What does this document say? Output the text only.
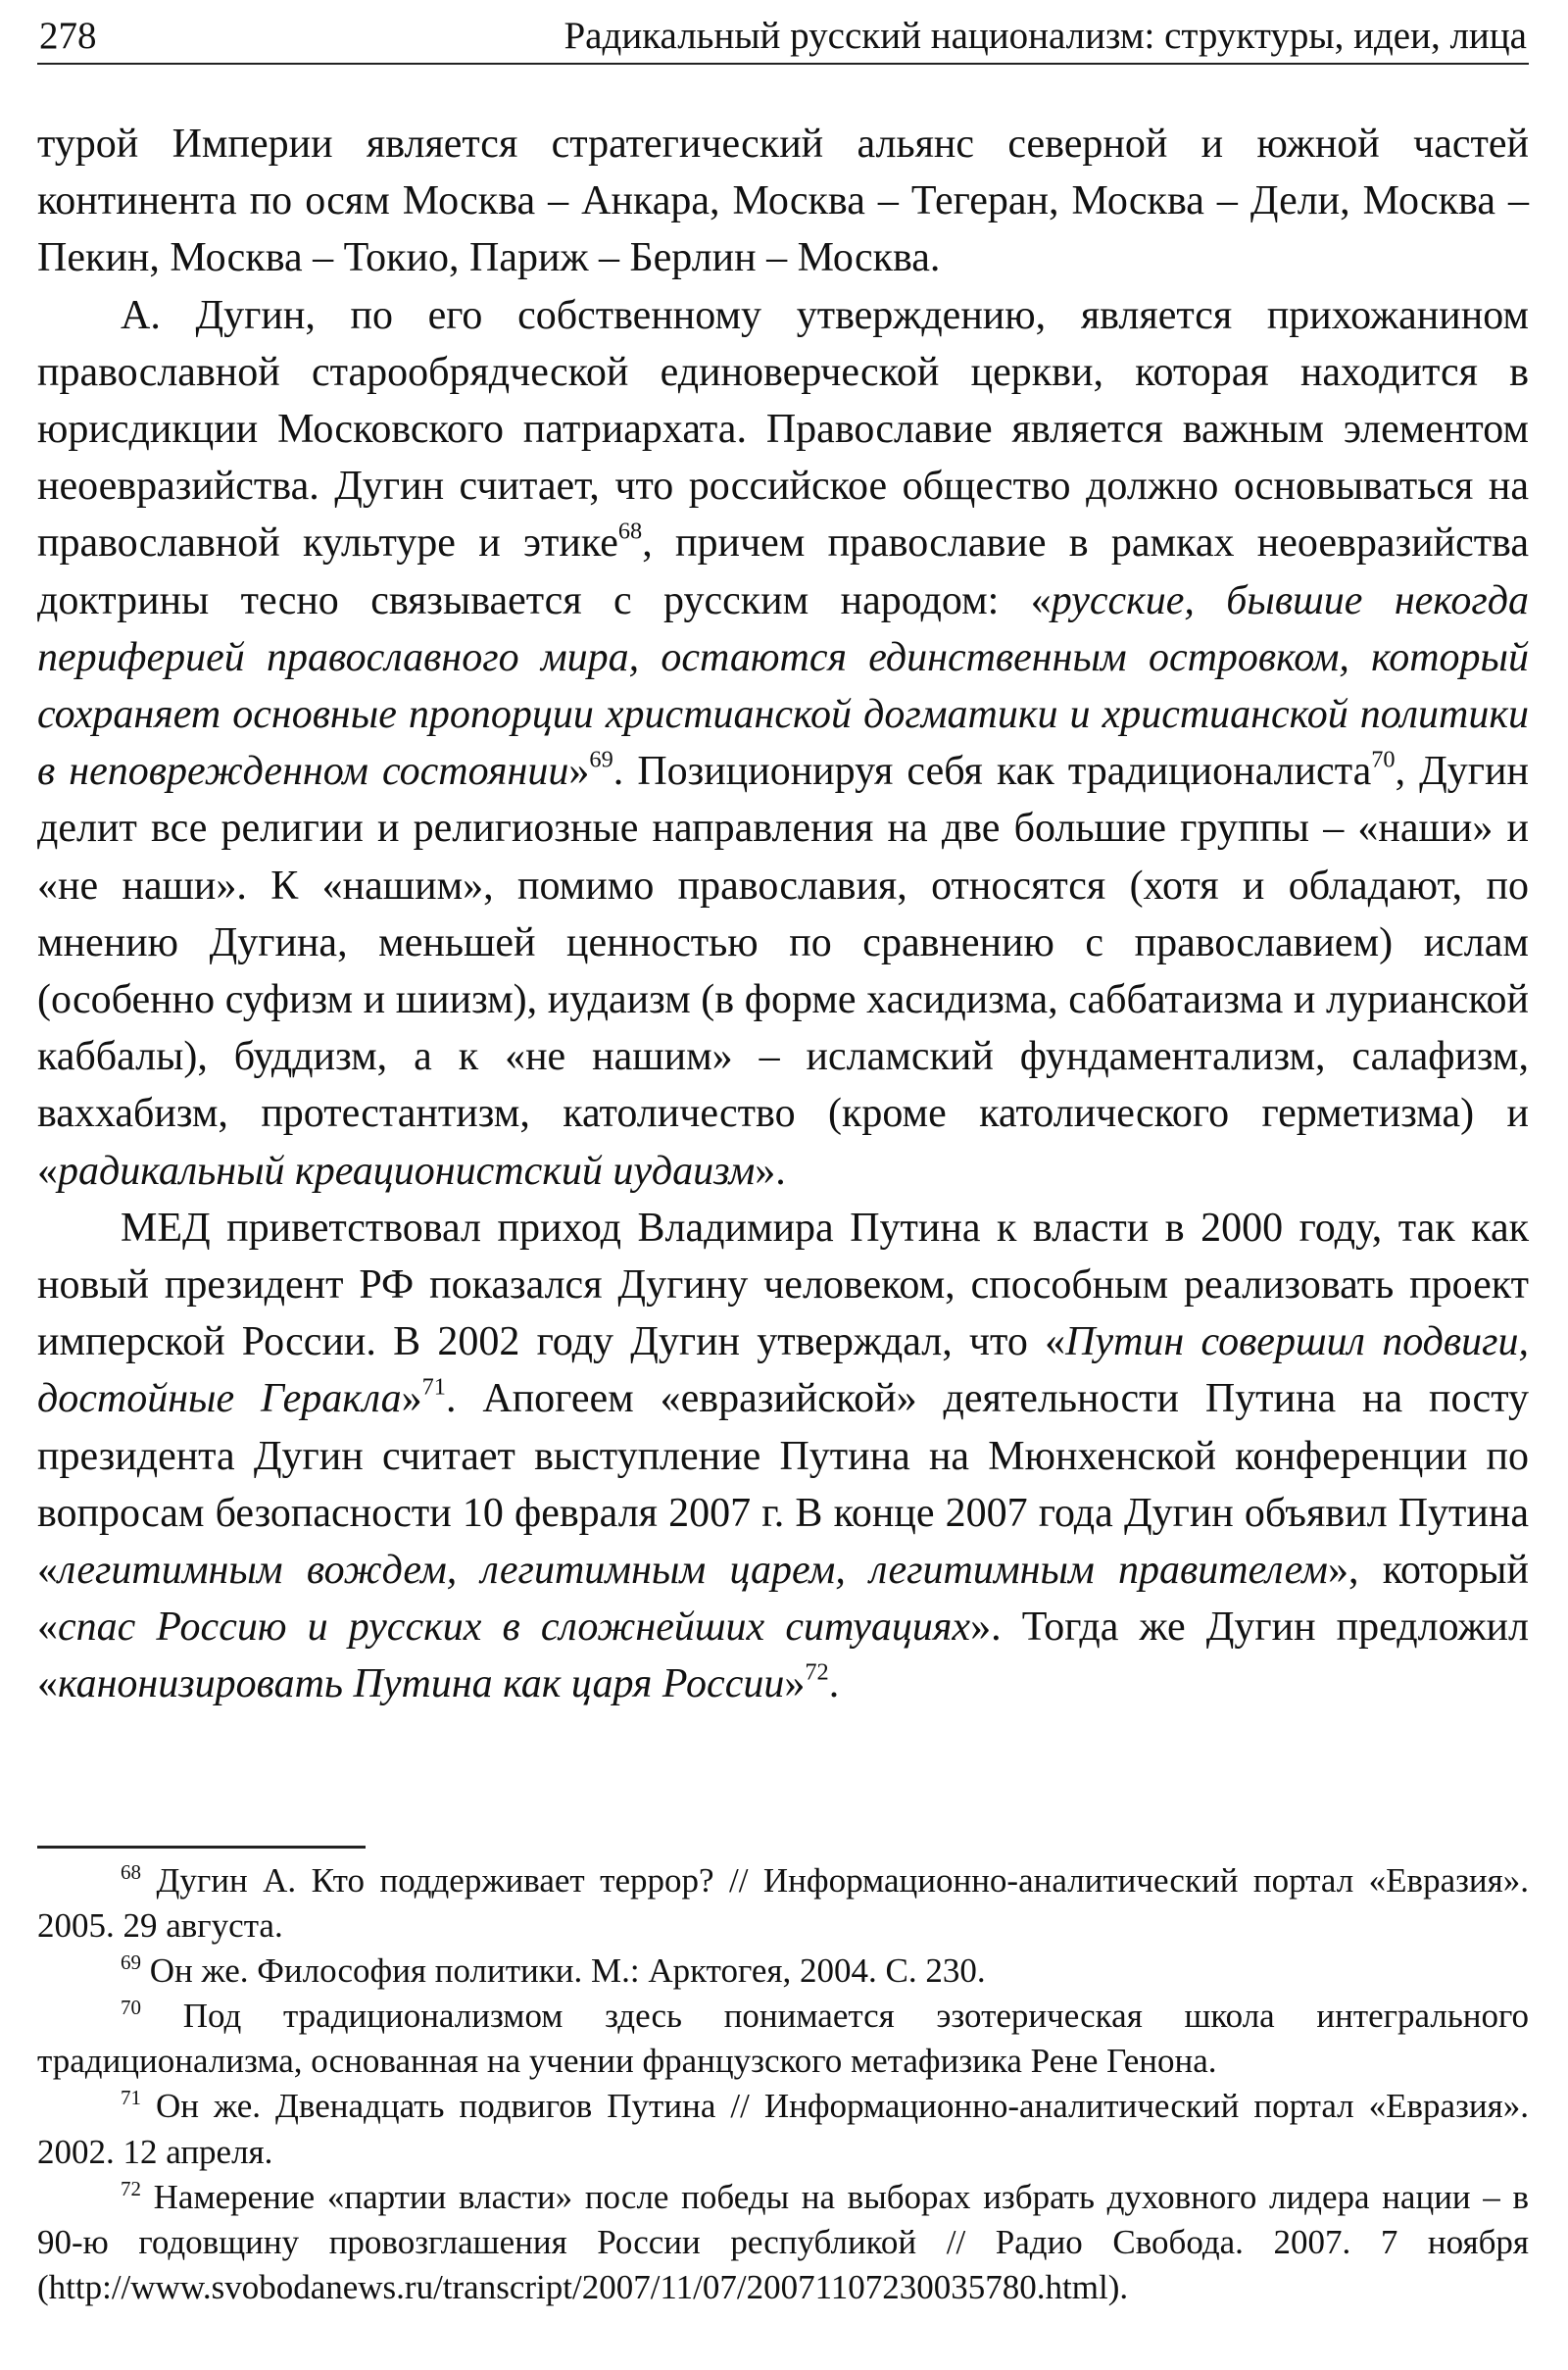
278	Радикальный русский национализм: структуры, идеи, лица

турой Империи является стратегический альянс северной и южной частей континента по осям Москва – Анкара, Москва – Тегеран, Москва – Дели, Москва – Пекин, Москва – Токио, Париж – Берлин – Москва.

А. Дугин, по его собственному утверждению, является прихожанином православной старообрядческой единоверческой церкви, которая находится в юрисдикции Московского патриархата. Православие является важным элементом неоевразийства. Дугин считает, что российское общество должно основываться на православной культуре и этике$^{68}$, причем православие в рамках неоевразийства доктрины тесно связывается с русским народом: «русские, бывшие некогда периферией православного мира, остаются единственным островком, который сохраняет основные пропорции христианской догматики и христианской политики в неповрежденном состоянии»$^{69}$. Позиционируя себя как традиционалиста$^{70}$, Дугин делит все религии и религиозные направления на две большие группы – «наши» и «не наши». К «нашим», помимо православия, относятся (хотя и обладают, по мнению Дугина, меньшей ценностью по сравнению с православием) ислам (особенно суфизм и шиизм), иудаизм (в форме хасидизма, саббатаизма и лурианской каббалы), буддизм, а к «не нашим» – исламский фундаментализм, салафизм, ваххабизм, протестантизм, католичество (кроме католического герметизма) и «радикальный креационистский иудаизм».

МЕД приветствовал приход Владимира Путина к власти в 2000 году, так как новый президент РФ показался Дугину человеком, способным реализовать проект имперской России. В 2002 году Дугин утверждал, что «Путин совершил подвиги, достойные Геракла»$^{71}$. Апогеем «евразийской» деятельности Путина на посту президента Дугин считает выступление Путина на Мюнхенской конференции по вопросам безопасности 10 февраля 2007 г. В конце 2007 года Дугин объявил Путина «легитимным вождем, легитимным царем, легитимным правителем», который «спас Россию и русских в сложнейших ситуациях». Тогда же Дугин предложил «канонизировать Путина как царя России»$^{72}$.

$^{68}$ Дугин А. Кто поддерживает террор? // Информационно-аналитический портал «Евразия». 2005. 29 августа.

$^{69}$ Он же. Философия политики. М.: Арктогея, 2004. С. 230.

$^{70}$ Под традиционализмом здесь понимается эзотерическая школа интегрального традиционализма, основанная на учении французского метафизика Рене Генона.

$^{71}$ Он же. Двенадцать подвигов Путина // Информационно-аналитический портал «Евразия». 2002. 12 апреля.

$^{72}$ Намерение «партии власти» после победы на выборах избрать духовного лидера нации – в 90-ю годовщину провозглашения России республикой // Радио Свобода. 2007. 7 ноября (http://www.svobodanews.ru/transcript/2007/11/07/20071107230035780.html).
